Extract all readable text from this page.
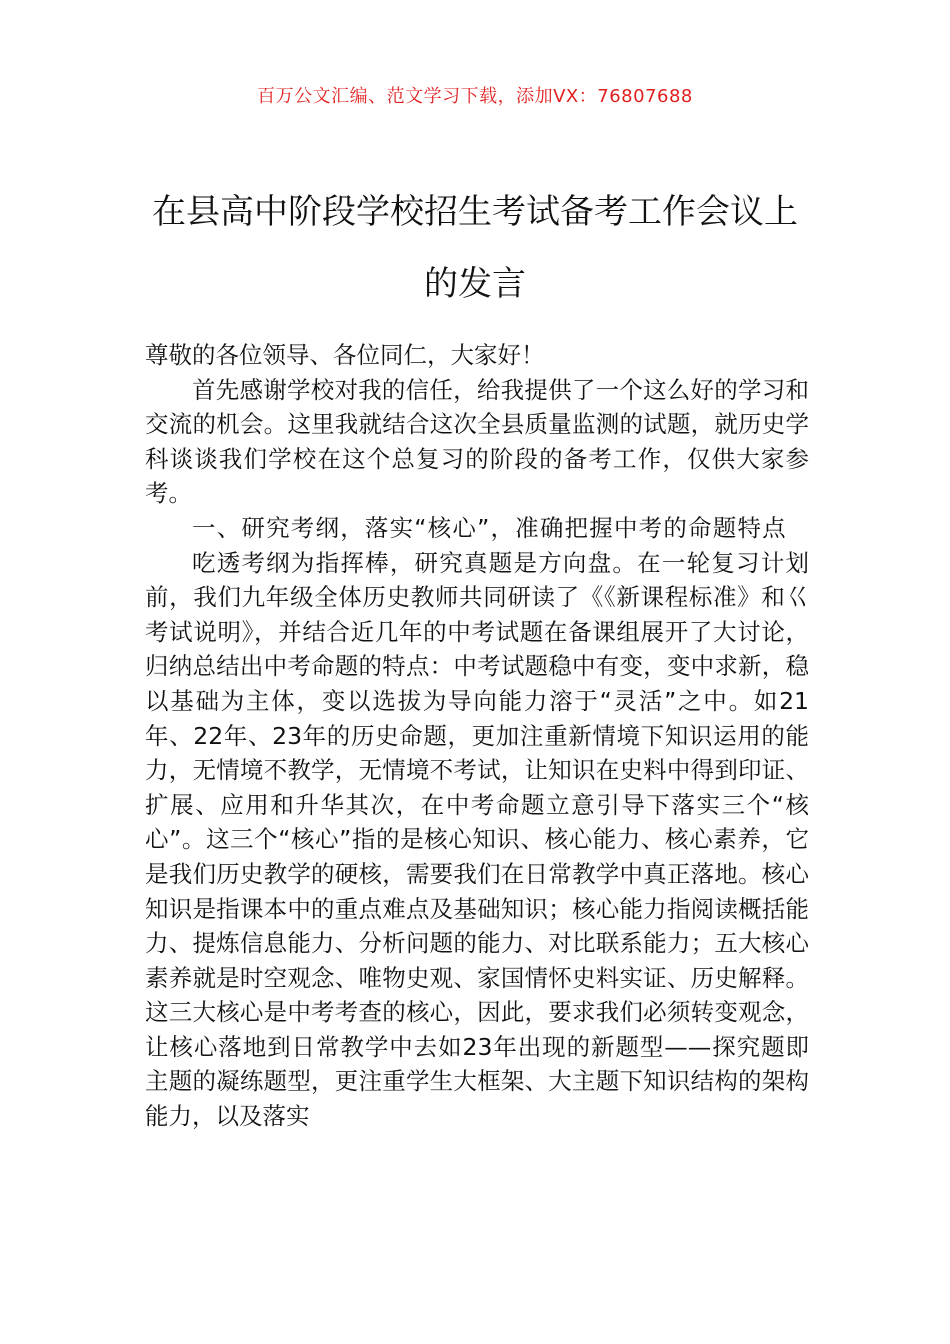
百万公文汇编、范文学习下载，添加VX：76807688
在县高中阶段学校招生考试备考工作会议上的发言

尊敬的各位领导、各位同仁，大家好！

首先感谢学校对我的信任，给我提供了一个这么好的学习和交流的机会。这里我就结合这次全县质量监测的试题，就历史学科谈谈我们学校在这个总复习的阶段的备考工作，仅供大家参考。

一、研究考纲，落实“核心”，准确把握中考的命题特点

吃透考纲为指挥棒，研究真题是方向盘。在一轮复习计划前，我们九年级全体历史教师共同研读了《《新课程标准》和巜考试说明》，并结合近几年的中考试题在备课组展开了大讨论，归纳总结出中考命题的特点：中考试题稳中有变，变中求新，稳以基础为主体，变以选拔为导向能力溶于“灵活”之中。如21年、22年、23年的历史命题，更加注重新情境下知识运用的能力，无情境不教学，无情境不考试，让知识在史料中得到印证、扩展、应用和升华其次，在中考命题立意引导下落实三个“核心”。这三个“核心”指的是核心知识、核心能力、核心素养，它是我们历史教学的硬核，需要我们在日常教学中真正落地。核心知识是指课本中的重点难点及基础知识；核心能力指阅读概括能力、提炼信息能力、分析问题的能力、对比联系能力；五大核心素养就是时空观念、唯物史观、家国情怀史料实证、历史解释。这三大核心是中考考查的核心，因此，要求我们必须转变观念，让核心落地到日常教学中去如23年出现的新题型——探究题即主题的凝练题型，更注重学生大框架、大主题下知识结构的架构能力，以及落实
